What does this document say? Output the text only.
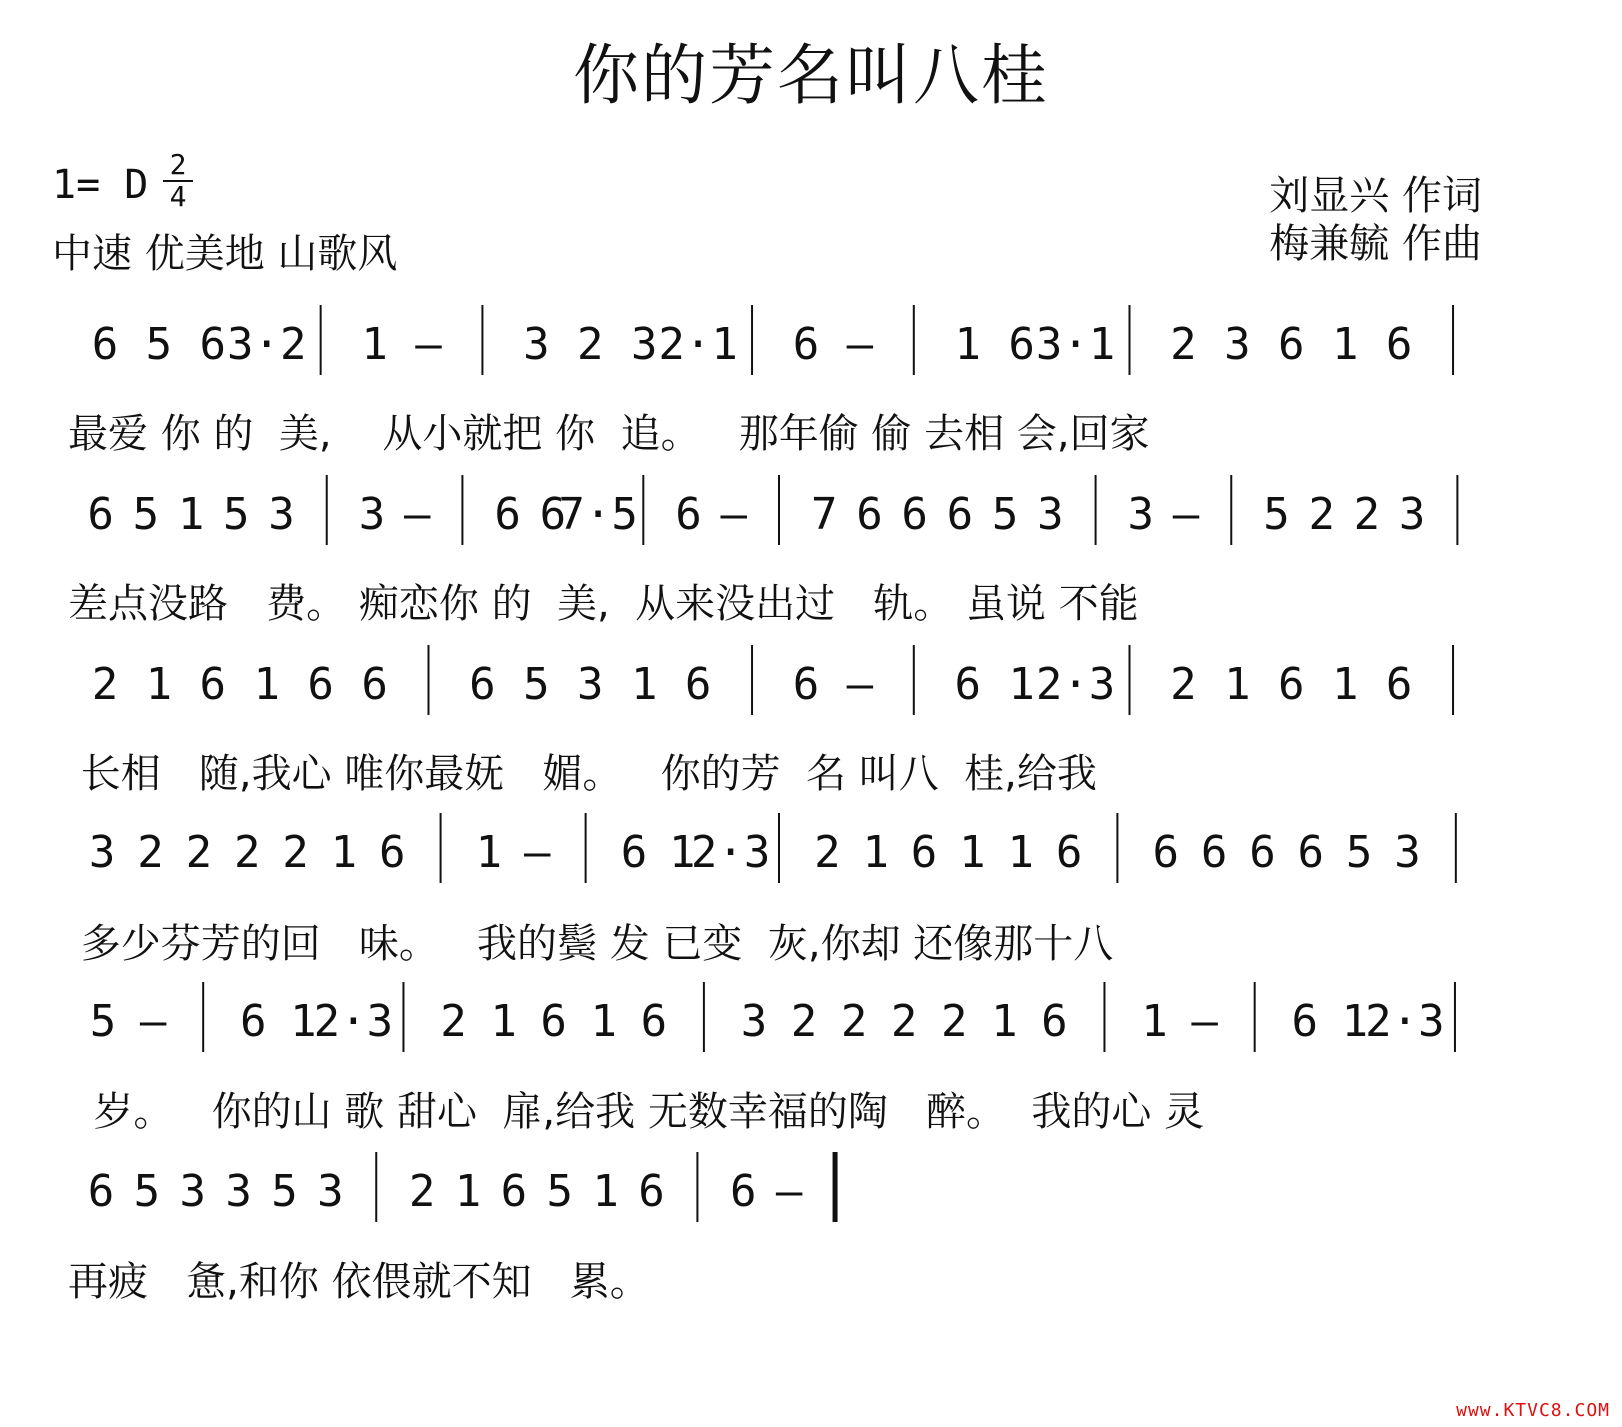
你的芳名叫八桂
1= D $\frac{2}{4}$
中速 优美地 山歌风
刘显兴 作词
梅兼毓 作曲
6 5 6 3·2 1 — 3 2 3 2·1 6 — 1 6 3·1 2 3 6 1 6
6 5 1 5 3 3 — 6 6
7·5 6 — 7 6 6 6 5 3 3 — 5 2 2 3
2 1 6 1 6 6 6 5 3 1 6 6 — 6 1 2·3 2 1 6 1 6
3 2 2 2 2 1 6 1 — 6 1
2·3 2 1 6 1 1 6 6 6 6 6 5 3
5 — 6 1
2·3 2 1 6 1 6 3 2 2 2 2 1 6 1 — 6 1
2·3
6 5 3 3 5 3 2 1 6 5 1 6 6 —
最爱 你 的  美,    从小就把 你  追。   那年偷 偷 去相 会,回家
差点没路   费。 痴恋你 的  美,  从来没出过   轨。 虽说 不能
长相   随,我心 唯你最妩   媚。   你的芳  名 叫八  桂,给我
多少芬芳的回   味。   我的鬓 发 已变  灰,你却 还像那十八
岁。   你的山 歌 甜心  扉,给我 无数幸福的陶   醉。  我的心 灵
再疲   惫,和你 依偎就不知   累。
www.KTVC8.COM
